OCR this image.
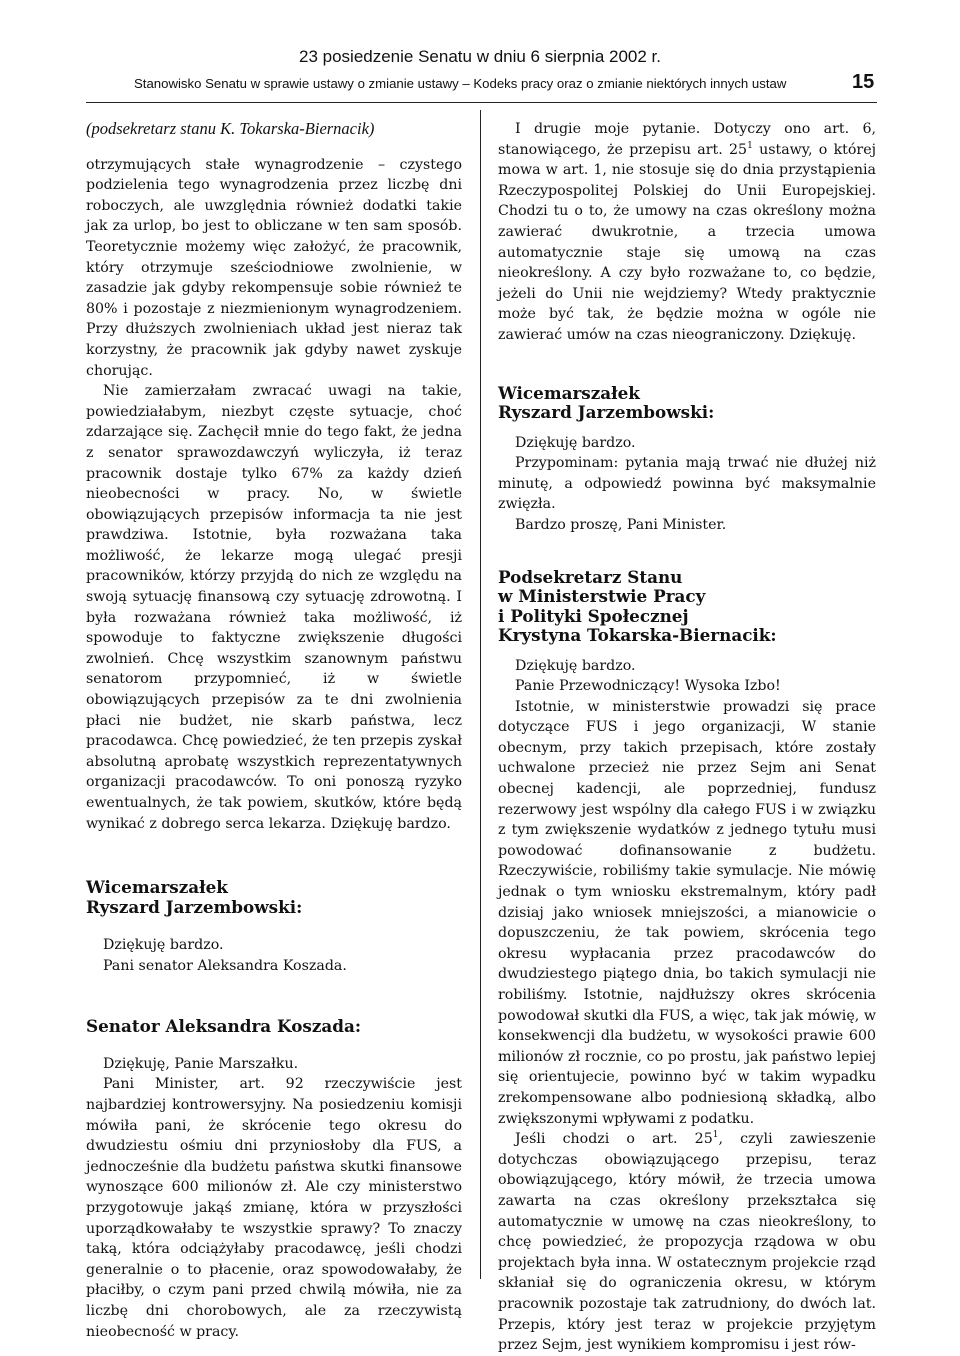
23 posiedzenie Senatu w dniu 6 sierpnia 2002 r.
Stanowisko Senatu w sprawie ustawy o zmianie ustawy – Kodeks pracy oraz o zmianie niektórych innych ustaw	15

(podsekretarz stanu K. Tokarska-Biernacik)

otrzymujących stałe wynagrodzenie – czystego podzielenia tego wynagrodzenia przez liczbę dni roboczych, ale uwzględnia również dodatki takie jak za urlop, bo jest to obliczane w ten sam sposób. Teoretycznie możemy więc założyć, że pracownik, który otrzymuje sześciodniowe zwolnienie, w zasadzie jak gdyby rekompensuje sobie również te 80% i pozostaje z niezmienionym wynagrodzeniem. Przy dłuższych zwolnieniach układ jest nieraz tak korzystny, że pracownik jak gdyby nawet zyskuje chorując.

Nie zamierzałam zwracać uwagi na takie, powiedziałabym, niezbyt częste sytuacje, choć zdarzające się. Zachęcił mnie do tego fakt, że jedna z senator sprawozdawczyń wyliczyła, iż teraz pracownik dostaje tylko 67% za każdy dzień nieobecności w pracy. No, w świetle obowiązujących przepisów informacja ta nie jest prawdziwa. Istotnie, była rozważana taka możliwość, że lekarze mogą ulegać presji pracowników, którzy przyjdą do nich ze względu na swoją sytuację finansową czy sytuację zdrowotną. I była rozważana również taka możliwość, iż spowoduje to faktyczne zwiększenie długości zwolnień. Chcę wszystkim szanownym państwu senatorom przypomnieć, iż w świetle obowiązujących przepisów za te dni zwolnienia płaci nie budżet, nie skarb państwa, lecz pracodawca. Chcę powiedzieć, że ten przepis zyskał absolutną aprobatę wszystkich reprezentatywnych organizacji pracodawców. To oni ponoszą ryzyko ewentualnych, że tak powiem, skutków, które będą wynikać z dobrego serca lekarza. Dziękuję bardzo.

Wicemarszałek
Ryszard Jarzembowski:

Dziękuję bardzo.

Pani senator Aleksandra Koszada.

Senator Aleksandra Koszada:

Dziękuję, Panie Marszałku.

Pani Minister, art. 92 rzeczywiście jest najbardziej kontrowersyjny. Na posiedzeniu komisji mówiła pani, że skrócenie tego okresu do dwudziestu ośmiu dni przyniosłoby dla FUS, a jednocześnie dla budżetu państwa skutki finansowe wynoszące 600 milionów zł. Ale czy ministerstwo przygotowuje jakąś zmianę, która w przyszłości uporządkowałaby te wszystkie sprawy? To znaczy taką, która odciążyłaby pracodawcę, jeśli chodzi generalnie o to płacenie, oraz spowodowałaby, że płaciłby, o czym pani przed chwilą mówiła, nie za liczbę dni chorobowych, ale za rzeczywistą nieobecność w pracy.

I drugie moje pytanie. Dotyczy ono art. 6, stanowiącego, że przepisu art. $25^1$ ustawy, o której mowa w art. 1, nie stosuje się do dnia przystąpienia Rzeczypospolitej Polskiej do Unii Europejskiej. Chodzi tu o to, że umowy na czas określony można zawierać dwukrotnie, a trzecia umowa automatycznie staje się umową na czas nieokreślony. A czy było rozważane to, co będzie, jeżeli do Unii nie wejdziemy? Wtedy praktycznie może być tak, że będzie można w ogóle nie zawierać umów na czas nieograniczony. Dziękuję.

Wicemarszałek
Ryszard Jarzembowski:

Dziękuję bardzo.

Przypominam: pytania mają trwać nie dłużej niż minutę, a odpowiedź powinna być maksymalnie zwięzła.

Bardzo proszę, Pani Minister.

Podsekretarz Stanu
w Ministerstwie Pracy
i Polityki Społecznej
Krystyna Tokarska-Biernacik:

Dziękuję bardzo.

Panie Przewodniczący! Wysoka Izbo!

Istotnie, w ministerstwie prowadzi się prace dotyczące FUS i jego organizacji, W stanie obecnym, przy takich przepisach, które zostały uchwalone przecież nie przez Sejm ani Senat obecnej kadencji, ale poprzedniej, fundusz rezerwowy jest wspólny dla całego FUS i w związku z tym zwiększenie wydatków z jednego tytułu musi powodować dofinansowanie z budżetu. Rzeczywiście, robiliśmy takie symulacje. Nie mówię jednak o tym wniosku ekstremalnym, który padł dzisiaj jako wniosek mniejszości, a mianowicie o dopuszczeniu, że tak powiem, skrócenia tego okresu wypłacania przez pracodawców do dwudziestego piątego dnia, bo takich symulacji nie robiliśmy. Istotnie, najdłuższy okres skrócenia powodował skutki dla FUS, a więc, tak jak mówię, w konsekwencji dla budżetu, w wysokości prawie 600 milionów zł rocznie, co po prostu, jak państwo lepiej się orientujecie, powinno być w takim wypadku zrekompensowane albo podniesioną składką, albo zwiększonymi wpływami z podatku.

Jeśli chodzi o art. $25^1$, czyli zawieszenie dotychczas obowiązującego przepisu, teraz obowiązującego, który mówił, że trzecia umowa zawarta na czas określony przekształca się automatycznie w umowę na czas nieokreślony, to chcę powiedzieć, że propozycja rządowa w obu projektach była inna. W ostatecznym projekcie rząd skłaniał się do ograniczenia okresu, w którym pracownik pozostaje tak zatrudniony, do dwóch lat. Przepis, który jest teraz w projekcie przyjętym przez Sejm, jest wynikiem kompromisu i jest rów-
